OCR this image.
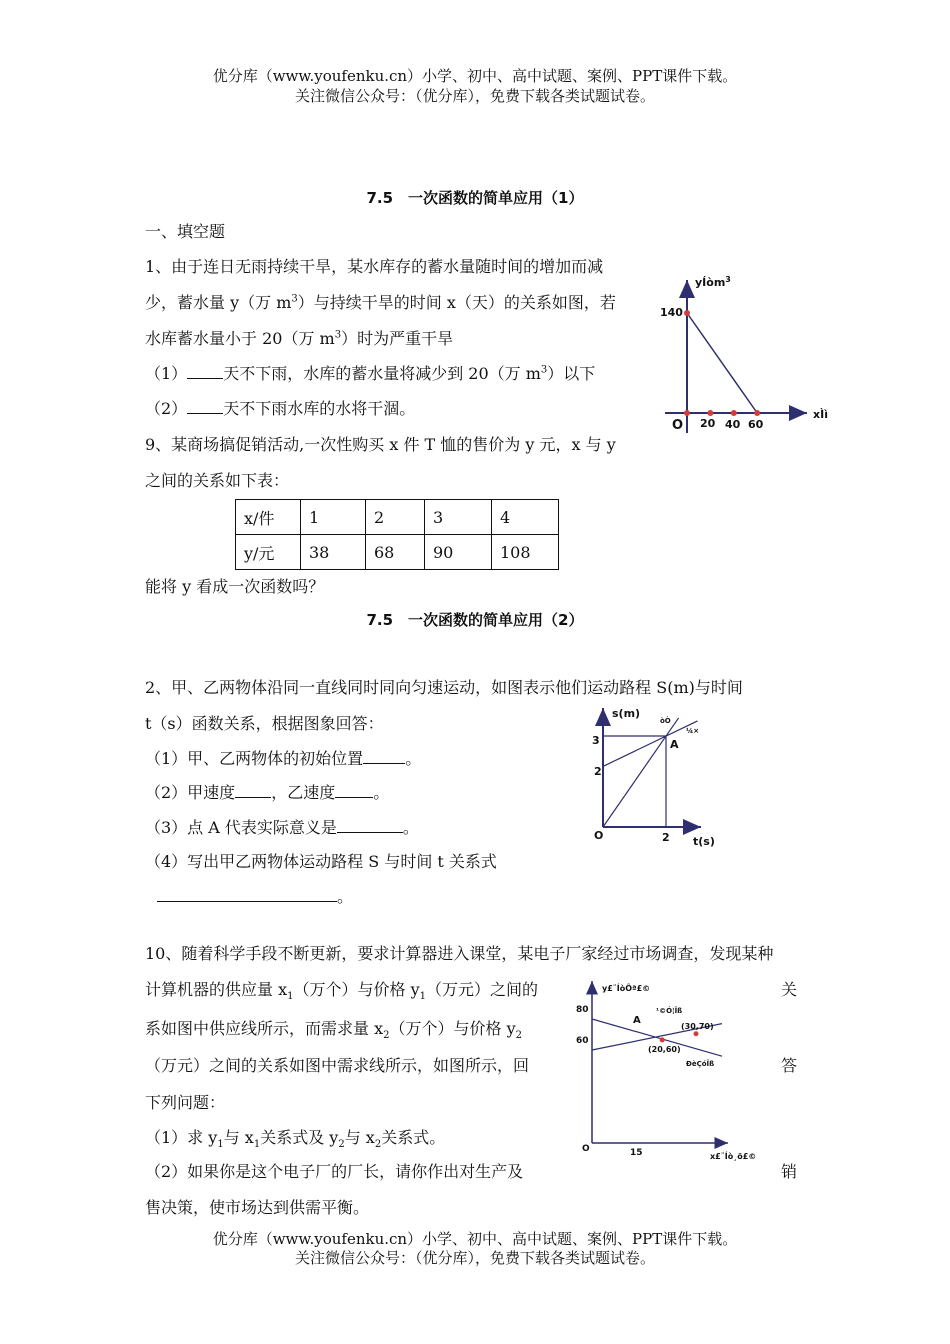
优分库（www.youfenku.cn）小学、初中、高中试题、案例、PPT课件下载。
关注微信公众号：（优分库），免费下载各类试题试卷。
7.5　一次函数的简单应用（1）
一、填空题
1、由于连日无雨持续干旱，某水库存的蓄水量随时间的增加而减
少，蓄水量 y（万 $m^3$）与持续干旱的时间 x（天）的关系如图，若
水库蓄水量小于 20（万 $m^3$）时为严重干旱
（1） 天不下雨，水库的蓄水量将减少到 20（万 $m^3$）以下
（2） 天不下雨水库的水将干涸。
yÍòm$^3$
140
O 20 40 60
xÌì
9、某商场搞促销活动,一次性购买 x 件 T 恤的售价为 y 元，x 与 y
之间的关系如下表：
x/件	1	2	3	4
y/元	38	68	90	108
能将 y 看成一次函数吗？
7.5　一次函数的简单应用（2）
2、甲、乙两物体沿同一直线同时同向匀速运动，如图表示他们运动路程 S(m)与时间
t（s）函数关系，根据图象回答：
（1）甲、乙两物体的初始位置	。
（2）甲速度 ，乙速度 。
（3）点 A 代表实际意义是	。
（4）写出甲乙两物体运动路程 S 与时间 t 关系式
。
s(m)
3
2
O	2 t(s)
A
òÒ
¼×
10、随着科学手段不断更新，要求计算器进入课堂，某电子厂家经过市场调查，发现某种
计算机器的供应量 $x_1$（万个）与价格 $y_1$（万元）之间的	关
系如图中供应线所示，而需求量 $x_2$（万个）与价格 $y_2$
（万元）之间的关系如图中需求线所示，如图所示，回	答
下列问题：
（1）求 $y_1$与 $x_1$关系式及 $y_2$与 $x_2$关系式。
（2）如果你是这个电子厂的厂长，请你作出对生产及	销
售决策，使市场达到供需平衡。
y£¨ÍòÔª£©
80
60
O	15	x£¨Íò¸ö£©
A
¹©Ó¦Ïß
(30,70)
(20,60)
ÐèÇóÏß
优分库（www.youfenku.cn）小学、初中、高中试题、案例、PPT课件下载。
关注微信公众号：（优分库），免费下载各类试题试卷。
